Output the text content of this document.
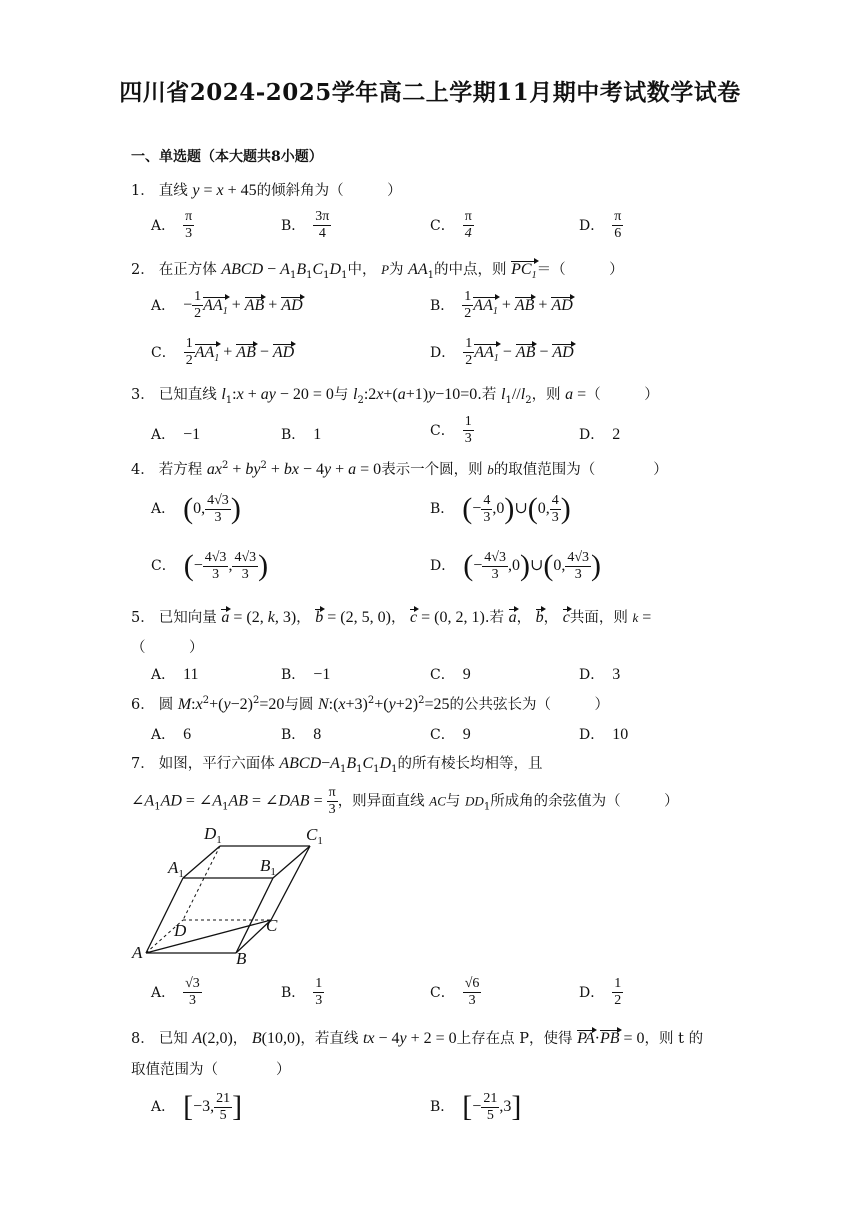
四川省2024-2025学年高二上学期11月期中考试数学试卷
一、单选题（本大题共8小题）
1． 直线 y = x + 45的倾斜角为（　　　）
A． $\frac{\pi}{3}$	B． $\frac{3\pi}{4}$	C． $\frac{\pi}{4}$	D． $\frac{\pi}{6}$
2． 在正方体 ABCD − $A_1B_1C_1D_1$中， P为 $AA_1$的中点，则 $PC_1=$（　　　）
A． − $\frac{1}{2} AA_1$ + AB + AD	B． $\frac{1}{2} AA_1$ + AB + AD
C． $\frac{1}{2} AA_1$ + AB − AD	D． $\frac{1}{2} AA_1$ − AB − AD
3． 已知直线 $l_1:x$ + ay − 20 = 0与 $l_2:2x+(a+1)y-10=0$.若 $l_1//l_2$，则 a =（　　　）
A． −1	B． 1	C． $\frac{1}{3}$	D． 2
4． 若方程 $ax^2 + by^2$ + bx − 4y + a = 0表示一个圆，则 b的取值范围为（　　　　）
A． (0, $\frac{4√3}{3}$ )	B． (− $\frac{4}{3}$ ,0)∪(0, $\frac{4}{3}$ )
C． (− $\frac{4√3}{3}$ , $\frac{4√3}{3}$ )	D． (− $\frac{4√3}{3}$ ,0)∪(0, $\frac{4√3}{3}$ )
5． 已知向量 a = (2, k, 3)， b = (2, 5, 0)， c = (0, 2, 1).若 a， b， c共面，则 k =
（　　　）
A． 11	B． −1	C． 9	D． 3
6． 圆 $M:x^2+(y-2)^2=20$与圆 $N:(x+3)^2+(y+2)^2=25$的公共弦长为（　　　）
A． 6	B． 8	C． 9	D． 10
7． 如图，平行六面体 $ABCD-A_1B_1C_1D_1$的所有棱长均相等，且
$\angle A_1AD$ = $\angle A_1AB$ = ∠DAB = $\frac{\pi}{3}$ ，则异面直线 AC与 $DD_1$所成角的余弦值为（　　　）
$D_1$	$C_1$
$A_1$	$B_1$
D	C
A	B
A． $\frac{√3}{3}$	B． $\frac{1}{3}$	C． $\frac{√6}{3}$	D． $\frac{1}{2}$
8． 已知 A(2,0)， B(10,0)，若直线 tx − 4y + 2 = 0上存在点 P，使得 PA·PB = 0，则 t 的
取值范围为（　　　　）
A． [−3, $\frac{21}{5}$ ]	B． [− $\frac{21}{5} ,3$]
